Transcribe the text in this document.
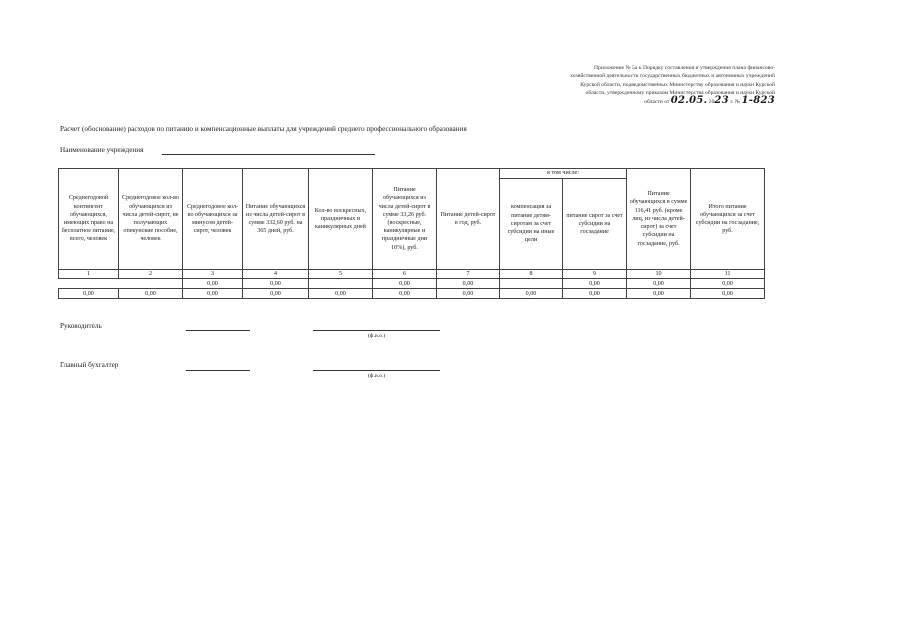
Приложение № 5а к Порядку составления и утверждения плана финансово-
хозяйственной деятельности государственных бюджетных и автономных учреждений
Курской области, подведомственных Министерству образования и науки Курской
области, утвержденному приказом Министерства образования и науки Курской
области от 02.05. 2023 г. № 1-823
Расчет (обоснование) расходов по питанию и компенсационные выплаты для учреждений среднего профессионального образования
Наименование учреждения
Среднегодовой контингент обучающихся, имеющих право на бесплатное питание, всего, человек	Среднегодовое кол-во обучающихся из числа детей-сирот, не получающих опекунские пособие, человек	Среднегодовое кол-во обучающихся за минусом детей-сирот, человек	Питание обучающихся из числа детей-сирот в сумме 332,60 руб. на 365 дней, руб.	Кол-во воскресных, праздничных и каникулярных дней	Питание обучающихся из числа детей-сирот в сумме 33,26 руб. (воскресные, каникулярные и праздничные дни 10%), руб.	Питание детей-сирот в год, руб.	в том числе:		Питание обучающихся в сумме 116,41 руб. (кроме лиц, из числа детей-сирот) за счет субсидии на госзадание, руб.	Итого питание обучающихся за счет субсидии на госзадание, руб.
							компенсация за питание детям-сиротам за счет субсидии на иные цели	питание сирот за счет субсидии на госзадание		
1	2	3	4	5	6	7	8	9	10	11
		0,00	0,00		0,00	0,00		0,00	0,00	0,00
0,00	0,00	0,00	0,00	0,00	0,00	0,00	0,00	0,00	0,00	0,00
Руководитель
(ф.и.о.)
Главный бухгалтер
(ф.и.о.)
